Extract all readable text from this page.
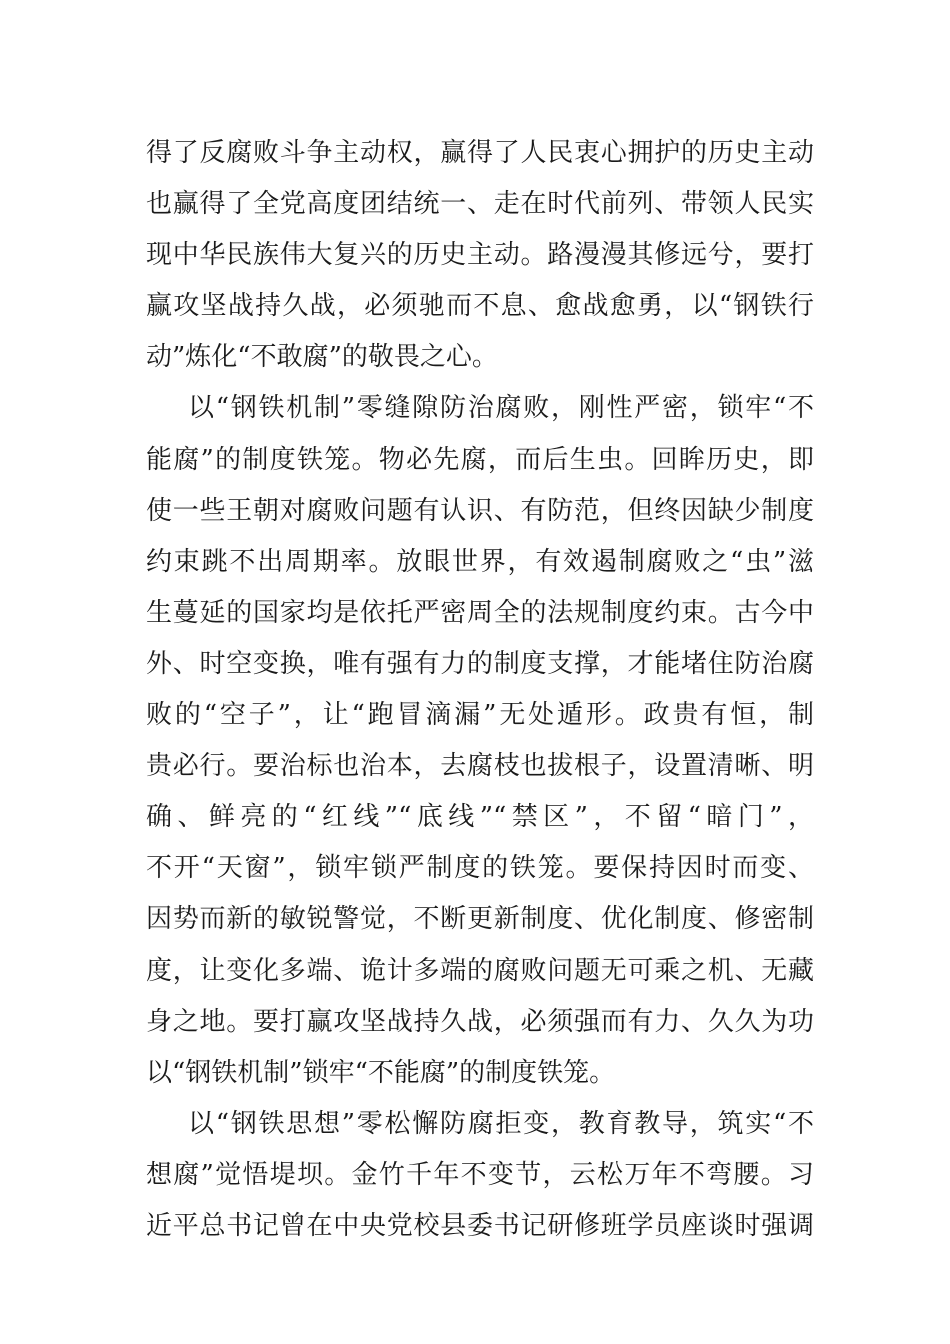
得了反腐败斗争主动权，赢得了人民衷心拥护的历史主动
也赢得了全党高度团结统一、走在时代前列、带领人民实
现中华民族伟大复兴的历史主动。路漫漫其修远兮，要打
赢攻坚战持久战，必须驰而不息、愈战愈勇，以“钢铁行
动”炼化“不敢腐”的敬畏之心。
以“钢铁机制”零缝隙防治腐败，刚性严密，锁牢“不
能腐”的制度铁笼。物必先腐，而后生虫。回眸历史，即
使一些王朝对腐败问题有认识、有防范，但终因缺少制度
约束跳不出周期率。放眼世界，有效遏制腐败之“虫”滋
生蔓延的国家均是依托严密周全的法规制度约束。古今中
外、时空变换，唯有强有力的制度支撑，才能堵住防治腐
败的“空子”，让“跑冒滴漏”无处遁形。政贵有恒，制
贵必行。要治标也治本，去腐枝也拔根子，设置清晰、明
确、鲜亮的“红线”“底线”“禁区”，不留“暗门”，
不开“天窗”，锁牢锁严制度的铁笼。要保持因时而变、
因势而新的敏锐警觉，不断更新制度、优化制度、修密制
度，让变化多端、诡计多端的腐败问题无可乘之机、无藏
身之地。要打赢攻坚战持久战，必须强而有力、久久为功
以“钢铁机制”锁牢“不能腐”的制度铁笼。
以“钢铁思想”零松懈防腐拒变，教育教导，筑实“不
想腐”觉悟堤坝。金竹千年不变节，云松万年不弯腰。习
近平总书记曾在中央党校县委书记研修班学员座谈时强调
